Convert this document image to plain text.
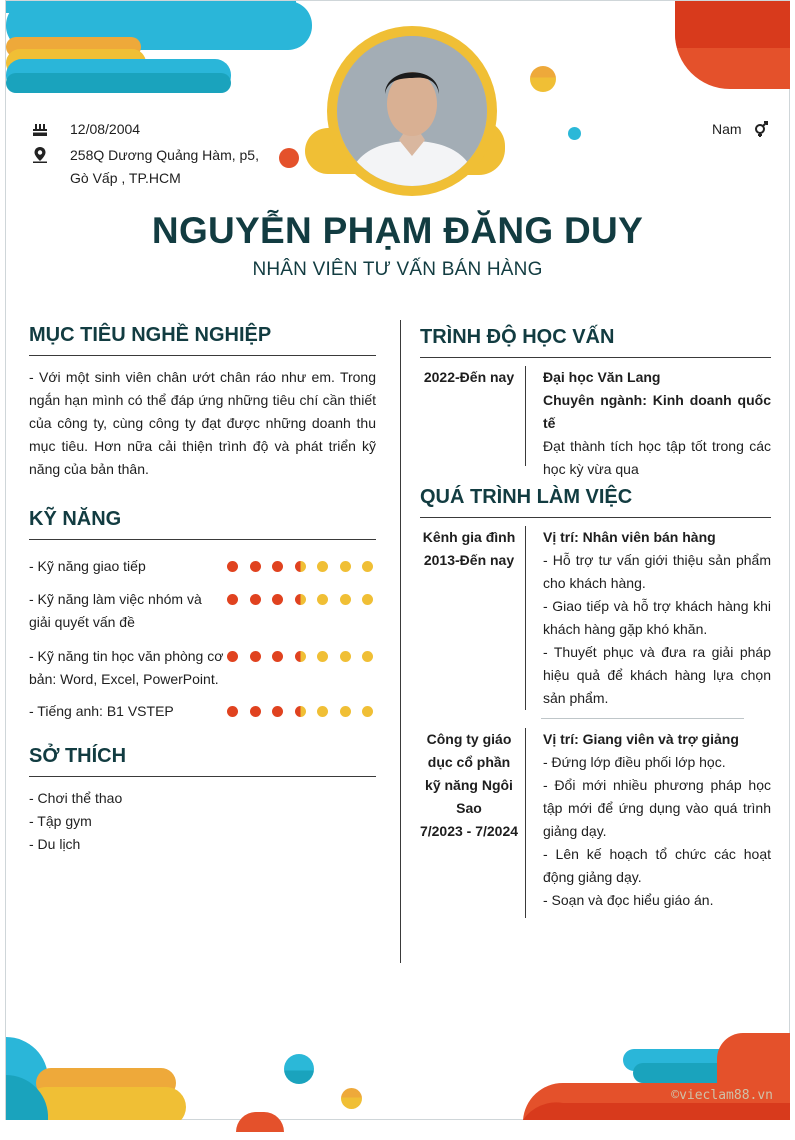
12/08/2004
258Q Dương Quảng Hàm, p5, Gò Vấp , TP.HCM
Nam
NGUYỄN PHẠM ĐĂNG DUY
NHÂN VIÊN TƯ VẤN BÁN HÀNG
MỤC TIÊU NGHỀ NGHIỆP
- Với một sinh viên chân ướt chân ráo như em. Trong ngắn hạn mình có thể đáp ứng những tiêu chí cần thiết của công ty, cùng công ty đạt được những doanh thu mục tiêu. Hơn nữa cải thiện trình độ và phát triển kỹ năng của bản thân.
KỸ NĂNG
- Kỹ năng giao tiếp
- Kỹ năng làm việc nhóm và giải quyết vấn đề
- Kỹ năng tin học văn phòng cơ bản: Word, Excel, PowerPoint.
- Tiếng anh: B1 VSTEP
SỞ THÍCH
- Chơi thể thao
- Tập gym
- Du lịch
TRÌNH ĐỘ HỌC VẤN
2022-Đến nay	Đại học Văn Lang
Chuyên ngành: Kinh doanh quốc tế
Đạt thành tích học tập tốt trong các học kỳ vừa qua
QUÁ TRÌNH LÀM VIỆC
Kênh gia đình
2013-Đến nay
Vị trí: Nhân viên bán hàng
- Hỗ trợ tư vấn giới thiệu sản phẩm cho khách hàng.
- Giao tiếp và hỗ trợ khách hàng khi khách hàng gặp khó khăn.
- Thuyết phục và đưa ra giải pháp hiệu quả để khách hàng lựa chọn sản phẩm.
Công ty giáo dục cổ phần kỹ năng Ngôi Sao
7/2023 - 7/2024
Vị trí: Giang viên và trợ giảng
- Đứng lớp điều phối lớp học.
- Đổi mới nhiều phương pháp học tập mới để ứng dụng vào quá trình giảng dạy.
- Lên kế hoạch tổ chức các hoạt động giảng dạy.
- Soạn và đọc hiểu giáo án.
©vieclam88.vn
